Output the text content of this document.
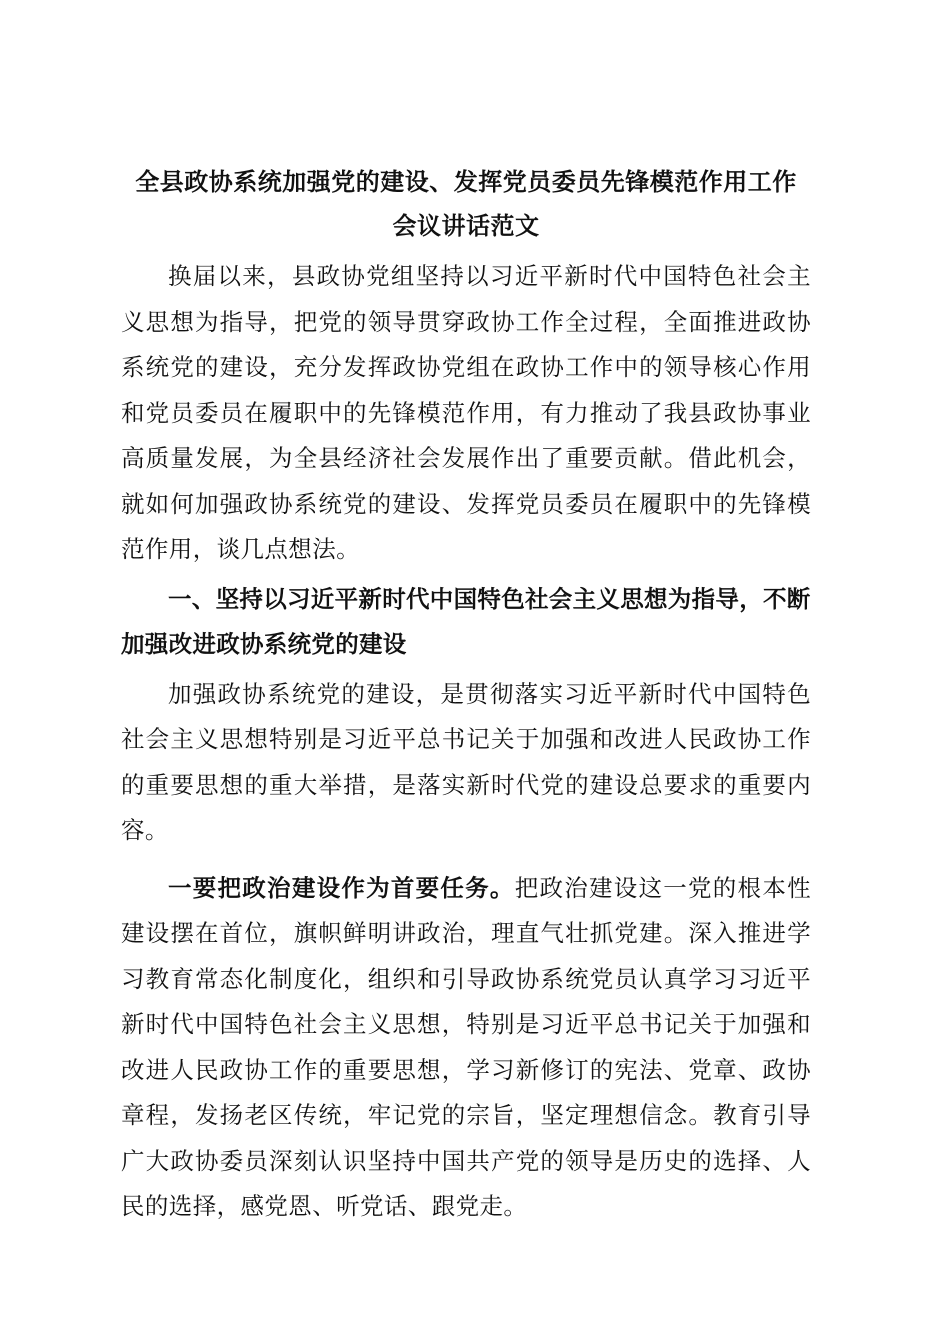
全县政协系统加强党的建设、发挥党员委员先锋模范作用工作
会议讲话范文

换届以来，县政协党组坚持以习近平新时代中国特色社会主义思想为指导，把党的领导贯穿政协工作全过程，全面推进政协系统党的建设，充分发挥政协党组在政协工作中的领导核心作用和党员委员在履职中的先锋模范作用，有力推动了我县政协事业高质量发展，为全县经济社会发展作出了重要贡献。借此机会，就如何加强政协系统党的建设、发挥党员委员在履职中的先锋模范作用，谈几点想法。

一、坚持以习近平新时代中国特色社会主义思想为指导，不断加强改进政协系统党的建设

加强政协系统党的建设，是贯彻落实习近平新时代中国特色社会主义思想特别是习近平总书记关于加强和改进人民政协工作的重要思想的重大举措，是落实新时代党的建设总要求的重要内容。

一要把政治建设作为首要任务。把政治建设这一党的根本性建设摆在首位，旗帜鲜明讲政治，理直气壮抓党建。深入推进学习教育常态化制度化，组织和引导政协系统党员认真学习习近平新时代中国特色社会主义思想，特别是习近平总书记关于加强和改进人民政协工作的重要思想，学习新修订的宪法、党章、政协章程，发扬老区传统，牢记党的宗旨，坚定理想信念。教育引导广大政协委员深刻认识坚持中国共产党的领导是历史的选择、人民的选择，感党恩、听党话、跟党走。
